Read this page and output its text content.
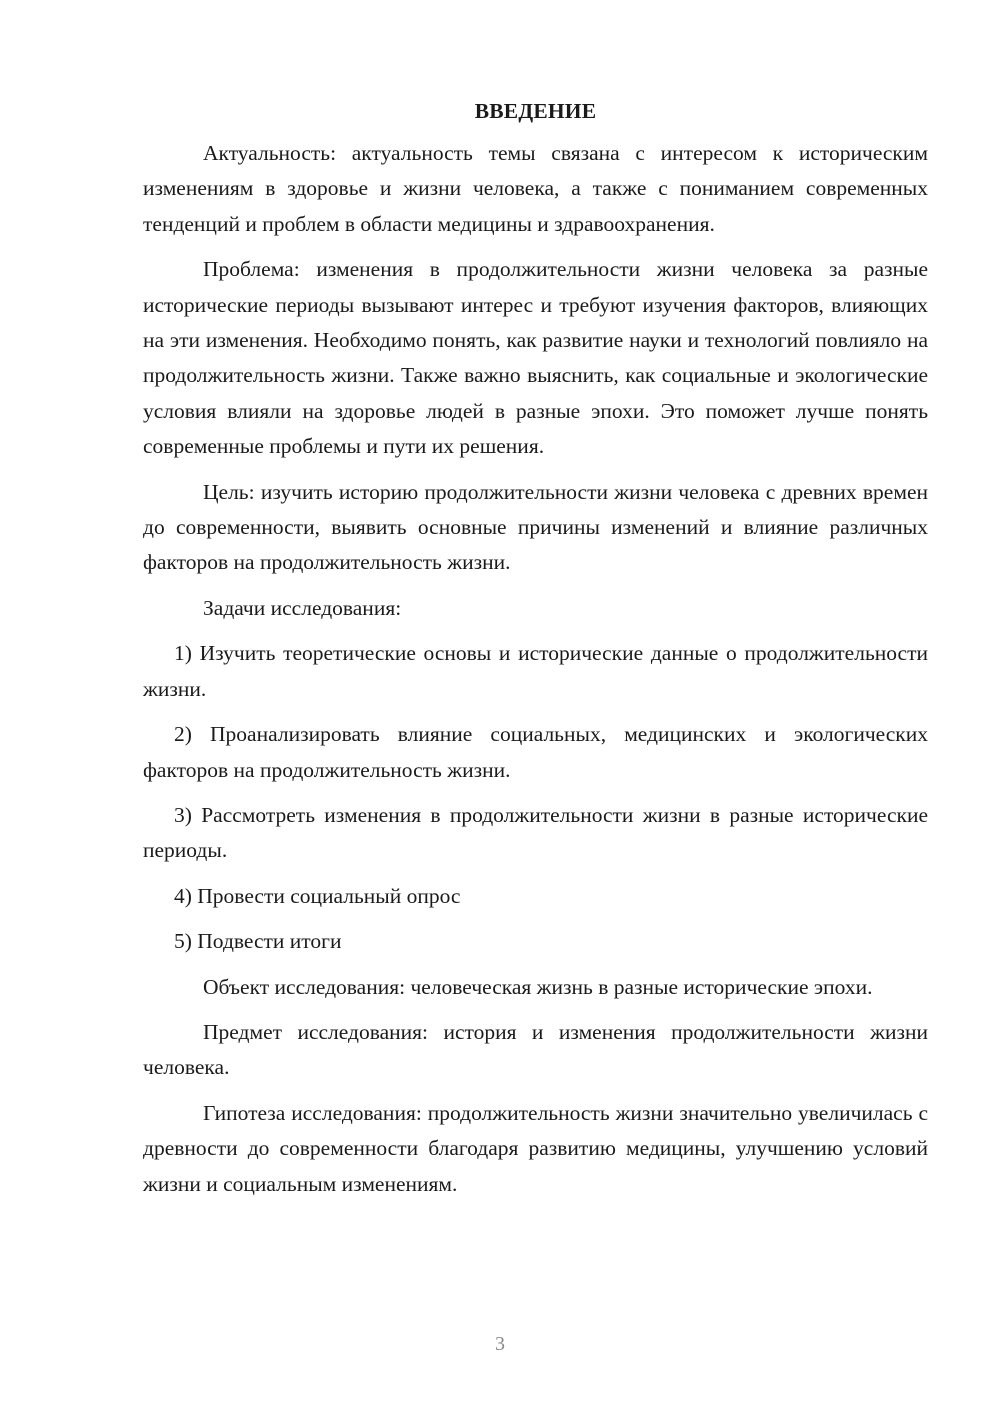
ВВЕДЕНИЕ

Актуальность: актуальность темы связана с интересом к историческим изменениям в здоровье и жизни человека, а также с пониманием современных тенденций и проблем в области медицины и здравоохранения.

Проблема: изменения в продолжительности жизни человека за разные исторические периоды вызывают интерес и требуют изучения факторов, влияющих на эти изменения. Необходимо понять, как развитие науки и технологий повлияло на продолжительность жизни. Также важно выяснить, как социальные и экологические условия влияли на здоровье людей в разные эпохи. Это поможет лучше понять современные проблемы и пути их решения.

Цель: изучить историю продолжительности жизни человека с древних времен до современности, выявить основные причины изменений и влияние различных факторов на продолжительность жизни.

Задачи исследования:

1) Изучить теоретические основы и исторические данные о продолжительности жизни.

2) Проанализировать влияние социальных, медицинских и экологических факторов на продолжительность жизни.

3) Рассмотреть изменения в продолжительности жизни в разные исторические периоды.

4) Провести социальный опрос

5) Подвести итоги

Объект исследования: человеческая жизнь в разные исторические эпохи.

Предмет исследования: история и изменения продолжительности жизни человека.

Гипотеза исследования: продолжительность жизни значительно увеличилась с древности до современности благодаря развитию медицины, улучшению условий жизни и социальным изменениям.

3
